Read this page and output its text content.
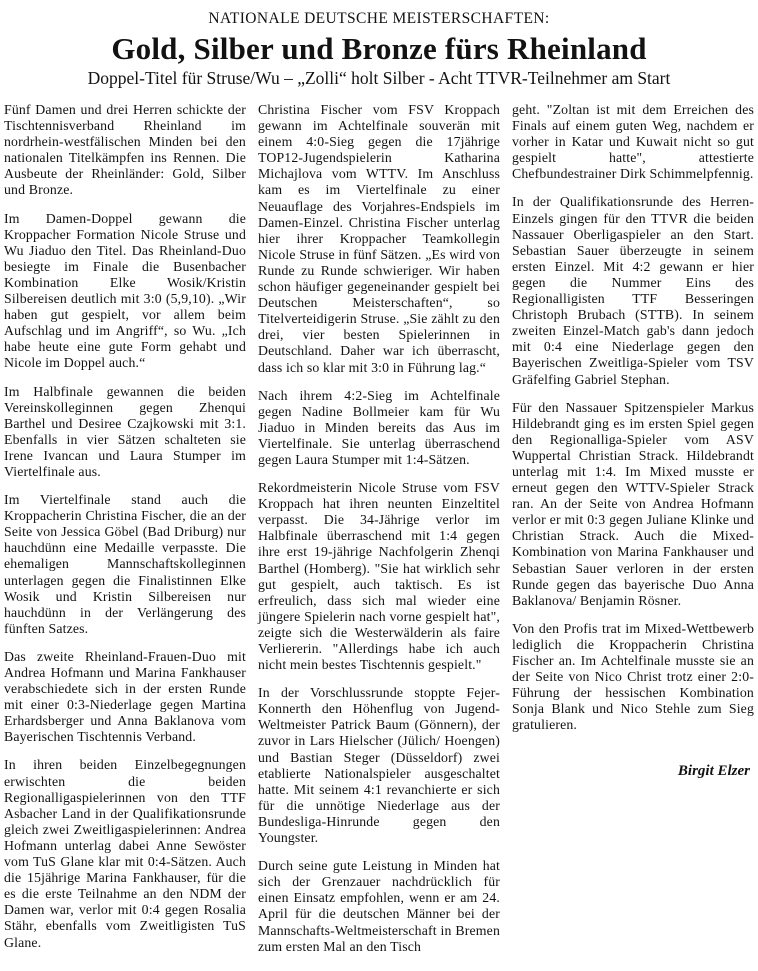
NATIONALE DEUTSCHE MEISTERSCHAFTEN:
Gold, Silber und Bronze fürs Rheinland
Doppel-Titel für Struse/Wu – „Zolli“ holt Silber - Acht TTVR-Teilnehmer am Start

Fünf Damen und drei Herren schickte der Tischtennisverband Rheinland im nordrhein-westfälischen Minden bei den nationalen Titelkämpfen ins Rennen. Die Ausbeute der Rheinländer: Gold, Silber und Bronze.

Im Damen-Doppel gewann die Kroppacher Formation Nicole Struse und Wu Jiaduo den Titel. Das Rheinland-Duo besiegte im Finale die Busenbacher Kombination Elke Wosik/Kristin Silbereisen deutlich mit 3:0 (5,9,10). „Wir haben gut gespielt, vor allem beim Aufschlag und im Angriff“, so Wu. „Ich habe heute eine gute Form gehabt und Nicole im Doppel auch.“

Im Halbfinale gewannen die beiden Vereinskolleginnen gegen Zhenqui Barthel und Desiree Czajkowski mit 3:1. Ebenfalls in vier Sätzen schalteten sie Irene Ivancan und Laura Stumper im Viertelfinale aus.

Im Viertelfinale stand auch die Kroppacherin Christina Fischer, die an der Seite von Jessica Göbel (Bad Driburg) nur hauchdünn eine Medaille verpasste. Die ehemaligen Mannschaftskolleginnen unterlagen gegen die Finalistinnen Elke Wosik und Kristin Silbereisen nur hauchdünn in der Verlängerung des fünften Satzes.

Das zweite Rheinland-Frauen-Duo mit Andrea Hofmann und Marina Fankhauser verabschiedete sich in der ersten Runde mit einer 0:3-Niederlage gegen Martina Erhardsberger und Anna Baklanova vom Bayerischen Tischtennis Verband.

In ihren beiden Einzelbegegnungen erwischten die beiden Regionalligaspielerinnen von den TTF Asbacher Land in der Qualifikationsrunde gleich zwei Zweitligaspielerinnen: Andrea Hofmann unterlag dabei Anne Sewöster vom TuS Glane klar mit 0:4-Sätzen. Auch die 15jährige Marina Fankhauser, für die es die erste Teilnahme an den NDM der Damen war, verlor mit 0:4 gegen Rosalia Stähr, ebenfalls vom Zweitligisten TuS Glane.

Christina Fischer vom FSV Kroppach gewann im Achtelfinale souverän mit einem 4:0-Sieg gegen die 17jährige TOP12-Jugendspielerin Katharina Michajlova vom WTTV. Im Anschluss kam es im Viertelfinale zu einer Neuauflage des Vorjahres-Endspiels im Damen-Einzel. Christina Fischer unterlag hier ihrer Kroppacher Teamkollegin Nicole Struse in fünf Sätzen. „Es wird von Runde zu Runde schwieriger. Wir haben schon häufiger gegeneinander gespielt bei Deutschen Meisterschaften“, so Titelverteidigerin Struse. „Sie zählt zu den drei, vier besten Spielerinnen in Deutschland. Daher war ich überrascht, dass ich so klar mit 3:0 in Führung lag.“

Nach ihrem 4:2-Sieg im Achtelfinale gegen Nadine Bollmeier kam für Wu Jiaduo in Minden bereits das Aus im Viertelfinale. Sie unterlag überraschend gegen Laura Stumper mit 1:4-Sätzen.

Rekordmeisterin Nicole Struse vom FSV Kroppach hat ihren neunten Einzeltitel verpasst. Die 34-Jährige verlor im Halbfinale überraschend mit 1:4 gegen ihre erst 19-jährige Nachfolgerin Zhenqi Barthel (Homberg). "Sie hat wirklich sehr gut gespielt, auch taktisch. Es ist erfreulich, dass sich mal wieder eine jüngere Spielerin nach vorne gespielt hat", zeigte sich die Westerwälderin als faire Verliererin. "Allerdings habe ich auch nicht mein bestes Tischtennis gespielt."

In der Vorschlussrunde stoppte Fejer-Konnerth den Höhenflug von Jugend-Weltmeister Patrick Baum (Gönnern), der zuvor in Lars Hielscher (Jülich/ Hoengen) und Bastian Steger (Düsseldorf) zwei etablierte Nationalspieler ausgeschaltet hatte. Mit seinem 4:1 revanchierte er sich für die unnötige Niederlage aus der Bundesliga-Hinrunde gegen den Youngster.

Durch seine gute Leistung in Minden hat sich der Grenzauer nachdrücklich für einen Einsatz empfohlen, wenn er am 24. April für die deutschen Männer bei der Mannschafts-Weltmeisterschaft in Bremen zum ersten Mal an den Tisch

geht. "Zoltan ist mit dem Erreichen des Finals auf einem guten Weg, nachdem er vorher in Katar und Kuwait nicht so gut gespielt hatte", attestierte Chefbundestrainer Dirk Schimmelpfennig.

In der Qualifikationsrunde des Herren-Einzels gingen für den TTVR die beiden Nassauer Oberligaspieler an den Start. Sebastian Sauer überzeugte in seinem ersten Einzel. Mit 4:2 gewann er hier gegen die Nummer Eins des Regionalligisten TTF Besseringen Christoph Brubach (STTB). In seinem zweiten Einzel-Match gab's dann jedoch mit 0:4 eine Niederlage gegen den Bayerischen Zweitliga-Spieler vom TSV Gräfelfing Gabriel Stephan.

Für den Nassauer Spitzenspieler Markus Hildebrandt ging es im ersten Spiel gegen den Regionalliga-Spieler vom ASV Wuppertal Christian Strack. Hildebrandt unterlag mit 1:4. Im Mixed musste er erneut gegen den WTTV-Spieler Strack ran. An der Seite von Andrea Hofmann verlor er mit 0:3 gegen Juliane Klinke und Christian Strack. Auch die Mixed-Kombination von Marina Fankhauser und Sebastian Sauer verloren in der ersten Runde gegen das bayerische Duo Anna Baklanova/ Benjamin Rösner.

Von den Profis trat im Mixed-Wettbewerb lediglich die Kroppacherin Christina Fischer an. Im Achtelfinale musste sie an der Seite von Nico Christ trotz einer 2:0-Führung der hessischen Kombination Sonja Blank und Nico Stehle zum Sieg gratulieren.

Birgit Elzer
